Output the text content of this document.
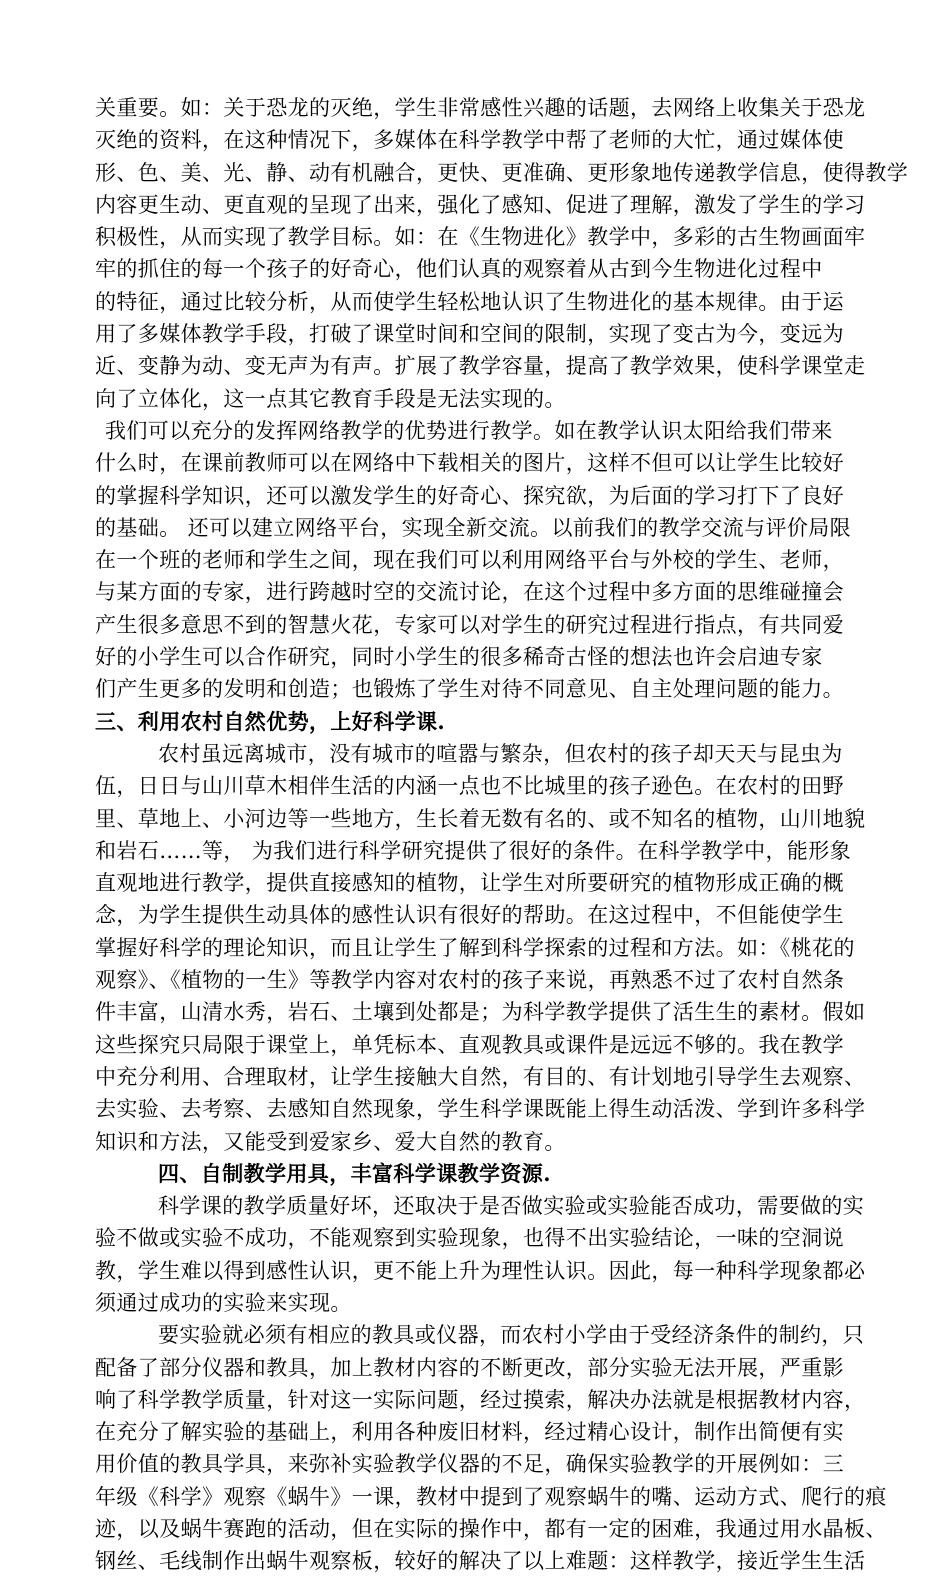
关重要。如：关于恐龙的灭绝，学生非常感性兴趣的话题，去网络上收集关于恐龙
灭绝的资料，在这种情况下，多媒体在科学教学中帮了老师的大忙，通过媒体使
形、色、美、光、静、动有机融合，更快、更准确、更形象地传递教学信息，使得教学
内容更生动、更直观的呈现了出来，强化了感知、促进了理解，激发了学生的学习
积极性，从而实现了教学目标。如：在《生物进化》教学中，多彩的古生物画面牢
牢的抓住的每一个孩子的好奇心，他们认真的观察着从古到今生物进化过程中
的特征，通过比较分析，从而使学生轻松地认识了生物进化的基本规律。由于运
用了多媒体教学手段，打破了课堂时间和空间的限制，实现了变古为今，变远为
近、变静为动、变无声为有声。扩展了教学容量，提高了教学效果，使科学课堂走
向了立体化，这一点其它教育手段是无法实现的。
我们可以充分的发挥网络教学的优势进行教学。如在教学认识太阳给我们带来
什么时，在课前教师可以在网络中下载相关的图片，这样不但可以让学生比较好
的掌握科学知识，还可以激发学生的好奇心、探究欲，为后面的学习打下了良好
的基础。 还可以建立网络平台，实现全新交流。以前我们的教学交流与评价局限
在一个班的老师和学生之间，现在我们可以利用网络平台与外校的学生、老师，
与某方面的专家，进行跨越时空的交流讨论，在这个过程中多方面的思维碰撞会
产生很多意思不到的智慧火花，专家可以对学生的研究过程进行指点，有共同爱
好的小学生可以合作研究，同时小学生的很多稀奇古怪的想法也许会启迪专家
们产生更多的发明和创造；也锻炼了学生对待不同意见、自主处理问题的能力。
三、利用农村自然优势，上好科学课.
农村虽远离城市，没有城市的喧嚣与繁杂，但农村的孩子却天天与昆虫为
伍，日日与山川草木相伴生活的内涵一点也不比城里的孩子逊色。在农村的田野
里、草地上、小河边等一些地方，生长着无数有名的、或不知名的植物，山川地貌
和岩石……等， 为我们进行科学研究提供了很好的条件。在科学教学中，能形象
直观地进行教学，提供直接感知的植物，让学生对所要研究的植物形成正确的概
念，为学生提供生动具体的感性认识有很好的帮助。在这过程中，不但能使学生
掌握好科学的理论知识，而且让学生了解到科学探索的过程和方法。如：《桃花的
观察》、《植物的一生》等教学内容对农村的孩子来说，再熟悉不过了农村自然条
件丰富，山清水秀，岩石、土壤到处都是；为科学教学提供了活生生的素材。假如
这些探究只局限于课堂上，单凭标本、直观教具或课件是远远不够的。我在教学
中充分利用、合理取材，让学生接触大自然，有目的、有计划地引导学生去观察、
去实验、去考察、去感知自然现象，学生科学课既能上得生动活泼、学到许多科学
知识和方法，又能受到爱家乡、爱大自然的教育。
四、自制教学用具，丰富科学课教学资源.
科学课的教学质量好坏，还取决于是否做实验或实验能否成功，需要做的实
验不做或实验不成功，不能观察到实验现象，也得不出实验结论，一味的空洞说
教，学生难以得到感性认识，更不能上升为理性认识。因此，每一种科学现象都必
须通过成功的实验来实现。
要实验就必须有相应的教具或仪器，而农村小学由于受经济条件的制约，只
配备了部分仪器和教具，加上教材内容的不断更改，部分实验无法开展，严重影
响了科学教学质量，针对这一实际问题，经过摸索，解决办法就是根据教材内容，
在充分了解实验的基础上，利用各种废旧材料，经过精心设计，制作出简便有实
用价值的教具学具，来弥补实验教学仪器的不足，确保实验教学的开展例如：三
年级《科学》观察《蜗牛》一课，教材中提到了观察蜗牛的嘴、运动方式、爬行的痕
迹，以及蜗牛赛跑的活动，但在实际的操作中，都有一定的困难，我通过用水晶板、
钢丝、毛线制作出蜗牛观察板，较好的解决了以上难题：这样教学，接近学生生活
